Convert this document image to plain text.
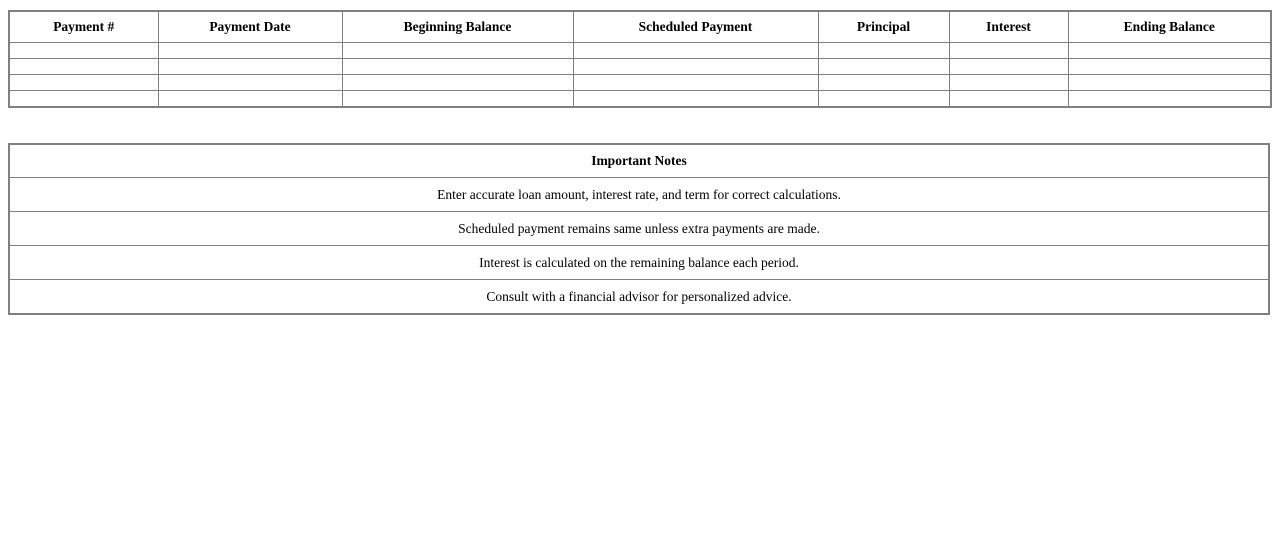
Payment #	Payment Date	Beginning Balance	Scheduled Payment	Principal	Interest	Ending Balance

Important Notes
Enter accurate loan amount, interest rate, and term for correct calculations.
Scheduled payment remains same unless extra payments are made.
Interest is calculated on the remaining balance each period.
Consult with a financial advisor for personalized advice.
